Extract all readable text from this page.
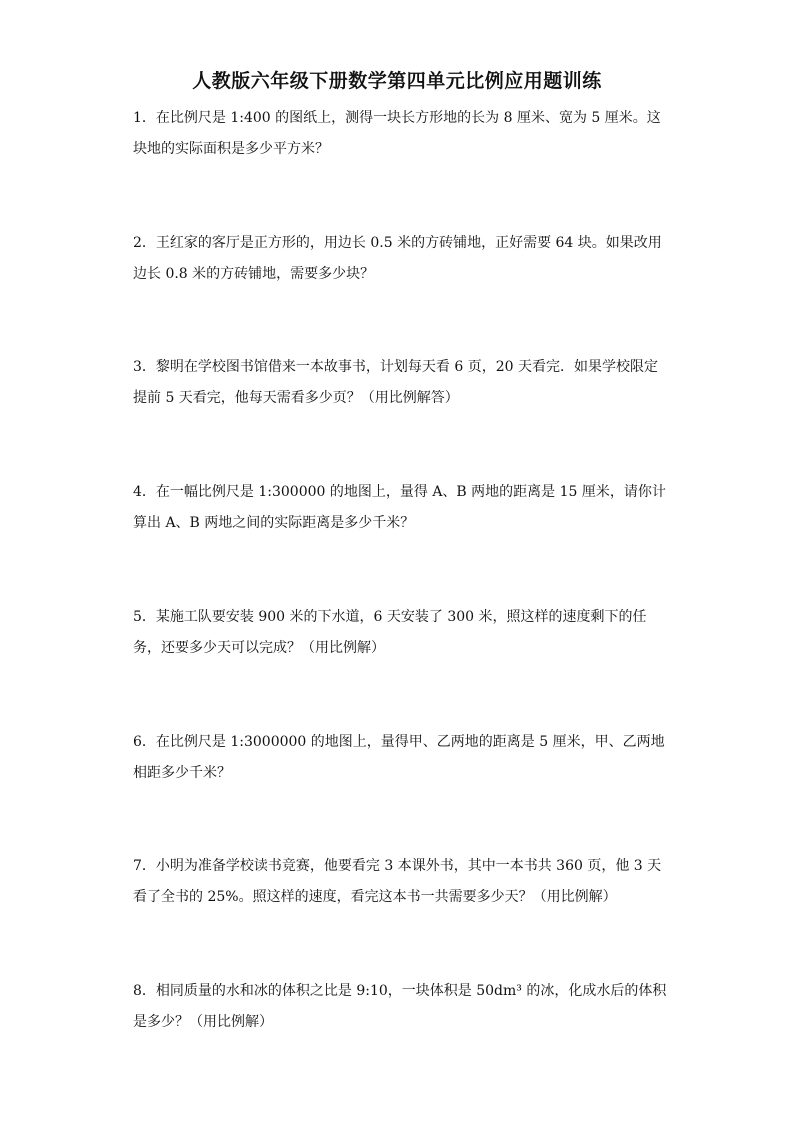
人教版六年级下册数学第四单元比例应用题训练

1．在比例尺是 1:400 的图纸上，测得一块长方形地的长为 8 厘米、宽为 5 厘米。这块地的实际面积是多少平方米？

2．王红家的客厅是正方形的，用边长 0.5 米的方砖铺地，正好需要 64 块。如果改用边长 0.8 米的方砖铺地，需要多少块？

3．黎明在学校图书馆借来一本故事书，计划每天看 6 页，20 天看完．如果学校限定提前 5 天看完，他每天需看多少页？（用比例解答）

4．在一幅比例尺是 1:300000 的地图上，量得 A、B 两地的距离是 15 厘米，请你计算出 A、B 两地之间的实际距离是多少千米？

5．某施工队要安装 900 米的下水道，6 天安装了 300 米，照这样的速度剩下的任务，还要多少天可以完成？（用比例解）

6．在比例尺是 1:3000000 的地图上，量得甲、乙两地的距离是 5 厘米，甲、乙两地相距多少千米？

7．小明为准备学校读书竞赛，他要看完 3 本课外书，其中一本书共 360 页，他 3 天看了全书的 25%。照这样的速度，看完这本书一共需要多少天？（用比例解）

8．相同质量的水和冰的体积之比是 9:10，一块体积是 50dm³ 的冰，化成水后的体积是多少？（用比例解）
